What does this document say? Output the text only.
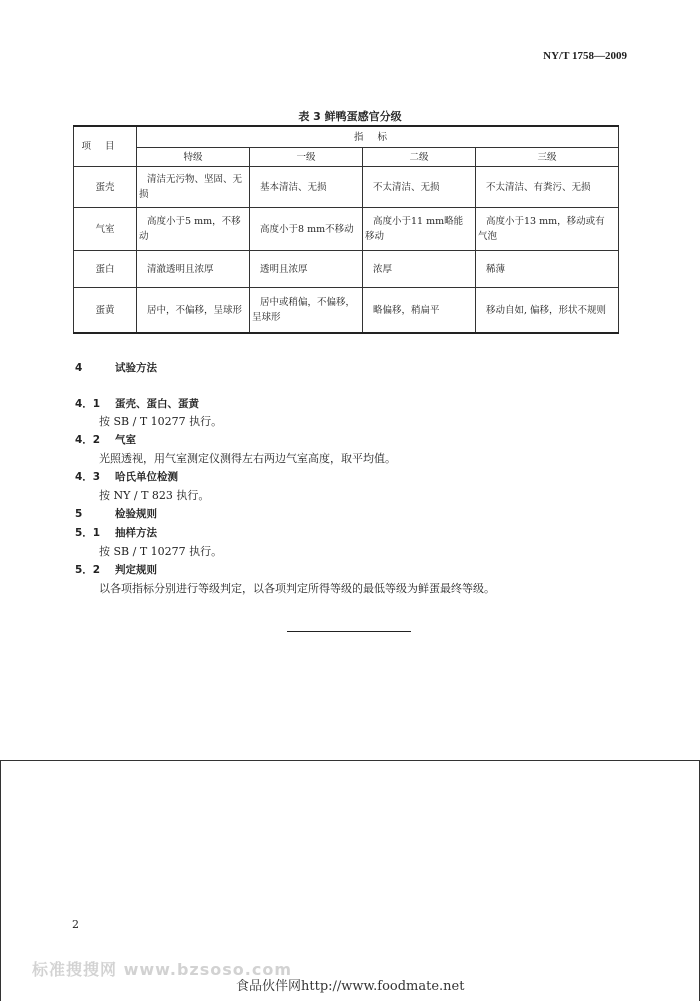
NY/T 1758—2009
表 3 鲜鸭蛋感官分级
项目	指标			
	特级	一级	二级	三级
蛋壳	清洁无污物、坚固、无损	基本清洁、无损	不太清洁、无损	不太清洁、有粪污、无损
气室	高度小于5 mm，不移动	高度小于8 mm不移动	高度小于11 mm略能移动	高度小于13 mm，移动或有气泡
蛋白	清澈透明且浓厚	透明且浓厚	浓厚	稀薄
蛋黄	居中，不偏移，呈球形	居中或稍偏，不偏移，呈球形	略偏移，稍扁平	移动自如, 偏移，形状不规则
4	试验方法
4．1 蛋壳、蛋白、蛋黄
按 SB / T 10277 执行。
4．2 气室
光照透视，用气室测定仪测得左右两边气室高度，取平均值。
4．3 哈氏单位检测
按 NY / T 823 执行。
5	检验规则
5．1 抽样方法
按 SB / T 10277 执行。
5．2 判定规则
以各项指标分别进行等级判定，以各项判定所得等级的最低等级为鲜蛋最终等级。
2
标准搜搜网 www.bzsoso.com
食品伙伴网http://www.foodmate.net
